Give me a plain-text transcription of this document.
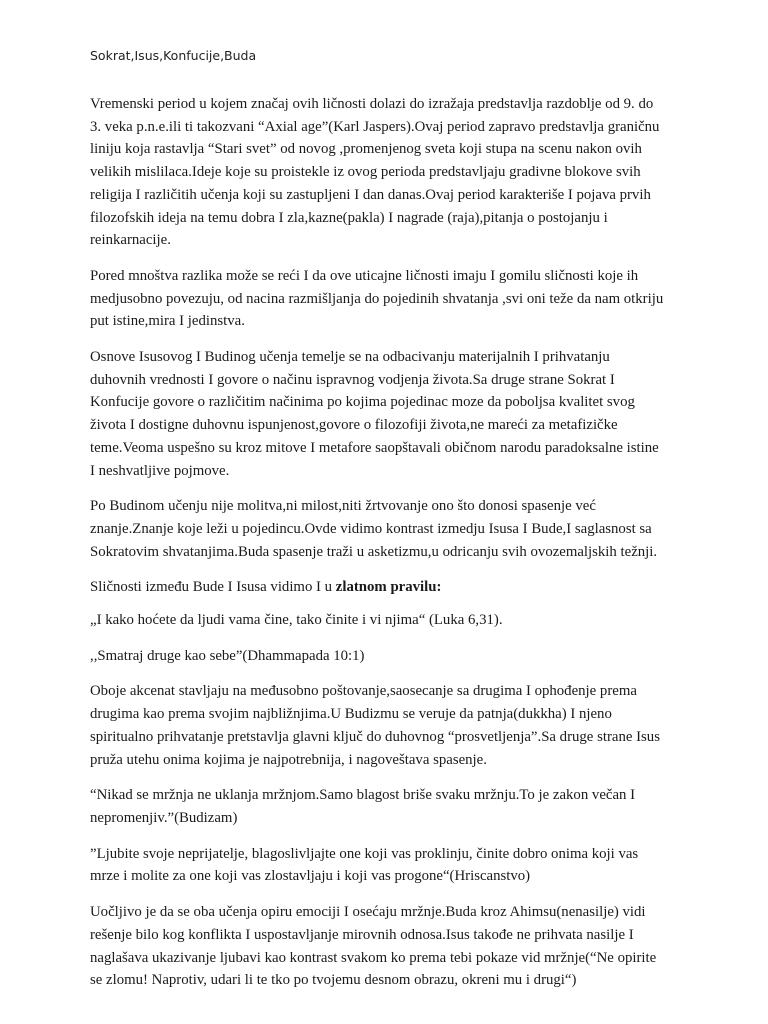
Sokrat,Isus,Konfucije,Buda

Vremenski period u kojem značaj ovih ličnosti dolazi do izražaja predstavlja razdoblje od 9. do
3. veka p.n.e.ili ti takozvani “Axial age”(Karl Jaspers).Ovaj period zapravo predstavlja graničnu
liniju koja rastavlja “Stari svet” od novog ,promenjenog sveta koji stupa na scenu nakon ovih
velikih mislilaca.Ideje koje su proistekle iz ovog perioda predstavljaju gradivne blokove svih
religija I različitih učenja koji su zastupljeni I dan danas.Ovaj period karakteriše I pojava prvih
filozofskih ideja na temu dobra I zla,kazne(pakla) I nagrade (raja),pitanja o postojanju i
reinkarnacije.

Pored mnoštva razlika može se reći I da ove uticajne ličnosti imaju I gomilu sličnosti koje ih
medjusobno povezuju, od nacina razmišljanja do pojedinih shvatanja ,svi oni teže da nam otkriju
put istine,mira I jedinstva.

Osnove Isusovog I Budinog učenja temelje se na odbacivanju materijalnih I prihvatanju
duhovnih vrednosti I govore o načinu ispravnog vodjenja života.Sa druge strane Sokrat I
Konfucije govore o različitim načinima po kojima pojedinac moze da poboljsa kvalitet svog
života I dostigne duhovnu ispunjenost,govore o filozofiji života,ne mareći za metafizičke
teme.Veoma uspešno su kroz mitove I metafore saopštavali običnom narodu paradoksalne istine
I neshvatljive pojmove.

Po Budinom učenju nije molitva,ni milost,niti žrtvovanje ono što donosi spasenje već
znanje.Znanje koje leži u pojedincu.Ovde vidimo kontrast izmedju Isusa I Bude,I saglasnost sa
Sokratovim shvatanjima.Buda spasenje traži u asketizmu,u odricanju svih ovozemaljskih težnji.

Sličnosti između Bude I Isusa vidimo I u zlatnom pravilu:

„I kako hoćete da ljudi vama čine, tako činite i vi njima“ (Luka 6,31).

,,Smatraj druge kao sebe”(Dhammapada 10:1)

Oboje akcenat stavljaju na međusobno poštovanje,saosecanje sa drugima I ophođenje prema
drugima kao prema svojim najbližnjima.U Budizmu se veruje da patnja(dukkha) I njeno
spiritualno prihvatanje pretstavlja glavni ključ do duhovnog “prosvetljenja”.Sa druge strane Isus
pruža utehu onima kojima je najpotrebnija, i nagoveštava spasenje.

“Nikad se mržnja ne uklanja mržnjom.Samo blagost briše svaku mržnju.To je zakon večan I
nepromenjiv.”(Budizam)

”Ljubite svoje neprijatelje, blagoslivljajte one koji vas proklinju, činite dobro onima koji vas
mrze i molite za one koji vas zlostavljaju i koji vas progone“(Hriscanstvo)

Uočljivo je da se oba učenja opiru emociji I osećaju mržnje.Buda kroz Ahimsu(nenasilje) vidi
rešenje bilo kog konflikta I uspostavljanje mirovnih odnosa.Isus takođe ne prihvata nasilje I
naglašava ukazivanje ljubavi kao kontrast svakom ko prema tebi pokaze vid mržnje(“Ne opirite
se zlomu! Naprotiv, udari li te tko po tvojemu desnom obrazu, okreni mu i drugi“)
